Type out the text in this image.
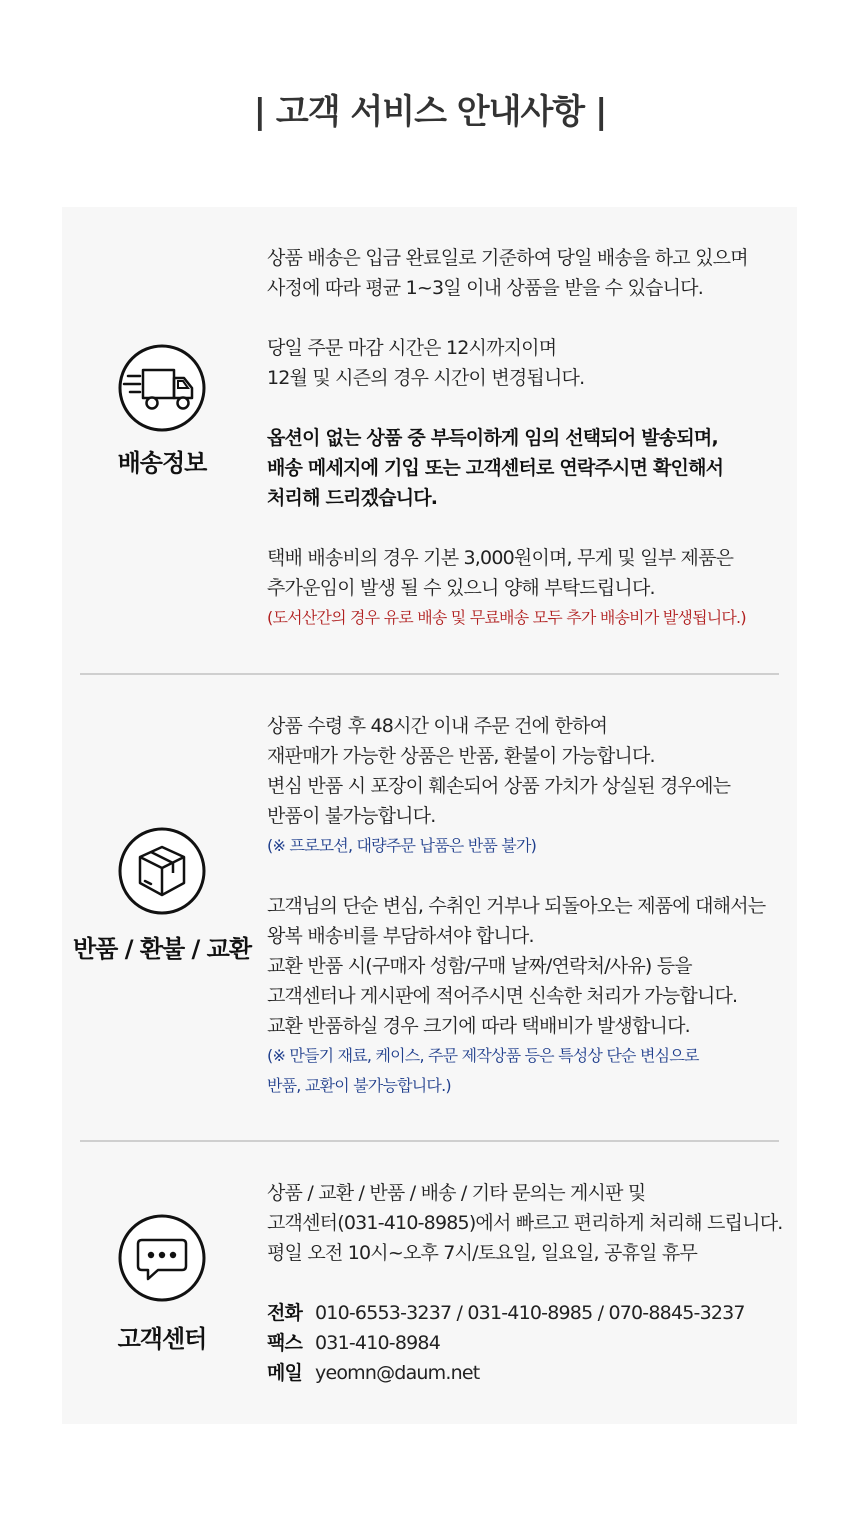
| 고객 서비스 안내사항 |
배송정보
상품 배송은 입금 완료일로 기준하여 당일 배송을 하고 있으며
사정에 따라 평균 1~3일 이내 상품을 받을 수 있습니다.
당일 주문 마감 시간은 12시까지이며
12월 및 시즌의 경우 시간이 변경됩니다.
옵션이 없는 상품 중 부득이하게 임의 선택되어 발송되며,
배송 메세지에 기입 또는 고객센터로 연락주시면 확인해서
처리해 드리겠습니다.
택배 배송비의 경우 기본 3,000원이며, 무게 및 일부 제품은
추가운임이 발생 될 수 있으니 양해 부탁드립니다.
(도서산간의 경우 유로 배송 및 무료배송 모두 추가 배송비가 발생됩니다.)
반품 / 환불 / 교환
상품 수령 후 48시간 이내 주문 건에 한하여
재판매가 가능한 상품은 반품, 환불이 가능합니다.
변심 반품 시 포장이 훼손되어 상품 가치가 상실된 경우에는
반품이 불가능합니다.
(※ 프로모션, 대량주문 납품은 반품 불가)
고객님의 단순 변심, 수취인 거부나 되돌아오는 제품에 대해서는
왕복 배송비를 부담하셔야 합니다.
교환 반품 시(구매자 성함/구매 날짜/연락처/사유) 등을
고객센터나 게시판에 적어주시면 신속한 처리가 가능합니다.
교환 반품하실 경우 크기에 따라 택배비가 발생합니다.
(※ 만들기 재료, 케이스, 주문 제작상품 등은 특성상 단순 변심으로
반품, 교환이 불가능합니다.)
고객센터
상품 / 교환 / 반품 / 배송 / 기타 문의는 게시판 및
고객센터(031-410-8985)에서 빠르고 편리하게 처리해 드립니다.
평일 오전 10시~오후 7시/토요일, 일요일, 공휴일 휴무
전화 010-6553-3237 / 031-410-8985 / 070-8845-3237
팩스 031-410-8984
메일 yeomn@daum.net
